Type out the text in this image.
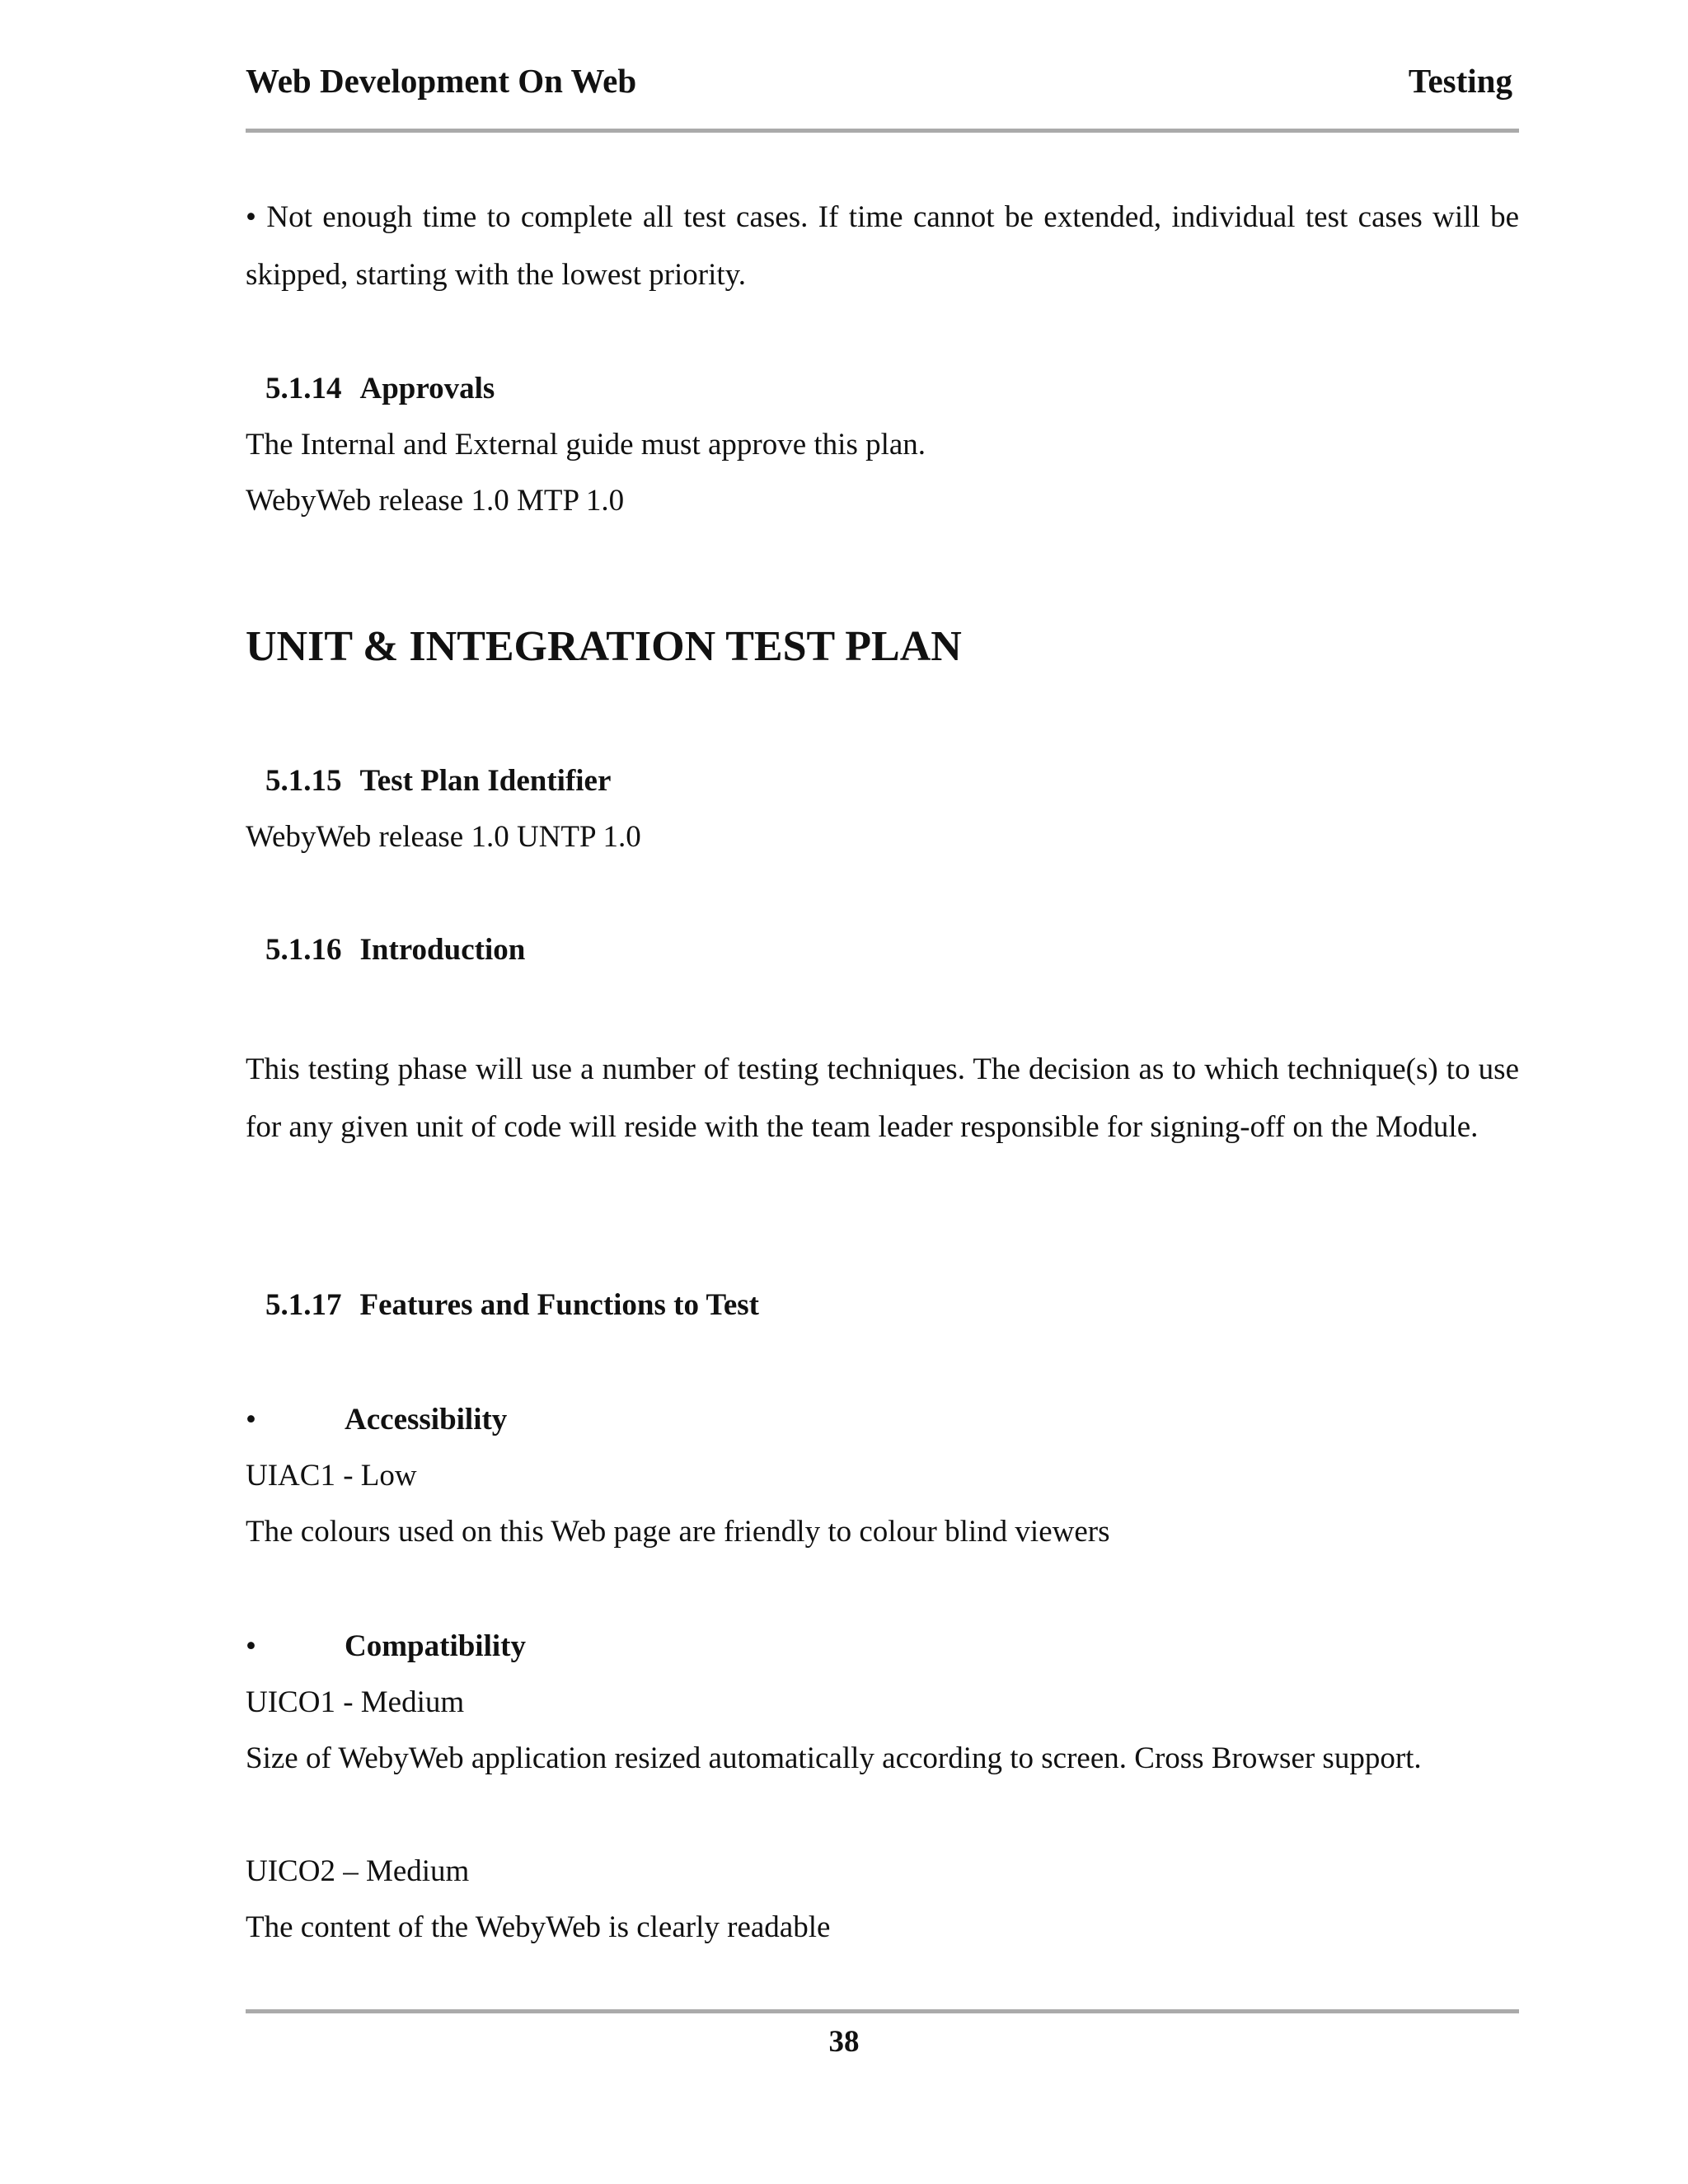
Web Development On Web	Testing

• Not enough time to complete all test cases. If time cannot be extended, individual test cases will be skipped, starting with the lowest priority.

5.1.14 Approvals
The Internal and External guide must approve this plan.
WebyWeb release 1.0 MTP 1.0
UNIT & INTEGRATION TEST PLAN
5.1.15 Test Plan Identifier
WebyWeb release 1.0 UNTP 1.0
5.1.16 Introduction

This testing phase will use a number of testing techniques. The decision as to which technique(s) to use for any given unit of code will reside with the team leader responsible for signing-off on the Module.

5.1.17 Features and Functions to Test
•	Accessibility
UIAC1 - Low
The colours used on this Web page are friendly to colour blind viewers
•	Compatibility
UICO1 - Medium
Size of WebyWeb application resized automatically according to screen. Cross Browser support.
UICO2 – Medium
The content of the WebyWeb is clearly readable
38
